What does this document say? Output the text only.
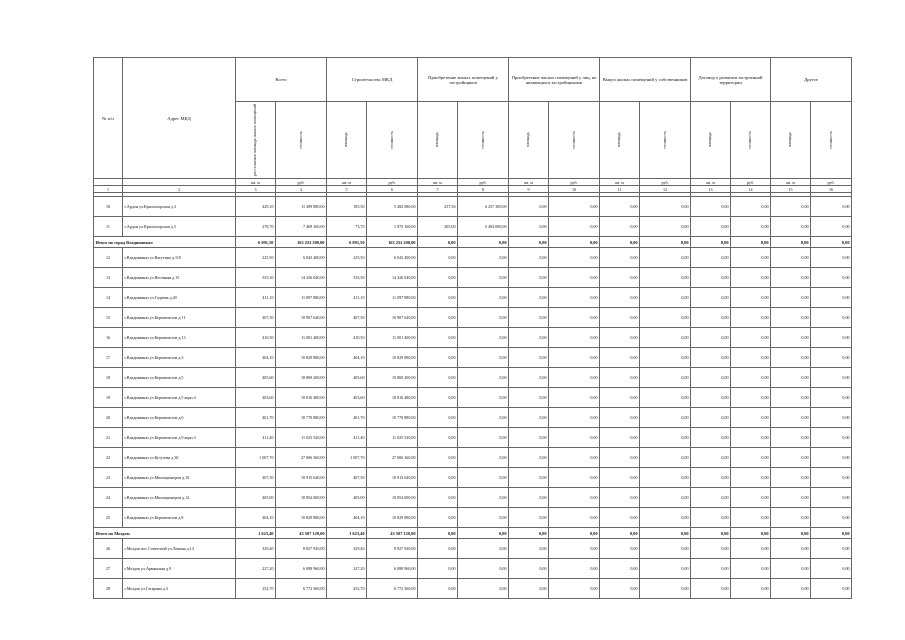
№ п/п	Адрес МКД	Всего		Строительство МКД		Приобретение жилых помещений у застройщиков		Приобретение жилых помещений у лиц, не являющихся застройщиками		Выкуп жилых помещений у собственников		Договор о развитии застроенной территории		Другое	

		расселяемая площадь жилых помещений	стоимость	площадь	стоимость	площадь	стоимость	площадь	стоимость	площадь	стоимость	площадь	стоимость	площадь	стоимость

		кв. м	руб.	кв. м	руб.	кв. м	руб.	кв. м	руб.	кв. м	руб.	кв. м	руб.	кв. м	руб.
1	2	3	4	5	6	7	8	9	10	11	12	13	14	15	16

10	г.Ардон ул.Красногорская д.3	429,10	11 499 880,00	185,50	5 282 080,00	257,56	6 257 300,00	0,00	0,00	0,00	0,00	0,00	0,00	0,00	0,00
11	г.Ардон ул.Красногорская д.5	278,70	7 469 160,00	73,70	1 975 160,00	205,00	5 494 000,00	0,00	0,00	0,00	0,00	0,00	0,00	0,00	0,00
Итого по город Владикавказ:		6 091,50	163 252 200,00	6 091,50	163 252 200,00	0,00	0,00	0,00	0,00	0,00	0,00	0,00	0,00	0,00	0,00
12	г.Владикавказ ул.Ватутина д.110	225,50	6 043 400,00	225,50	6 043 400,00	0,00	0,00	0,00	0,00	0,00	0,00	0,00	0,00	0,00	0,00
13	г.Владикавказ ул.Весенняя д.15	535,30	14 326 040,00	535,30	14 326 040,00	0,00	0,00	0,00	0,00	0,00	0,00	0,00	0,00	0,00	0,00
14	г.Владикавказ ул.Гадиева д.40	411,10	11 097 880,00	411,10	11 097 880,00	0,00	0,00	0,00	0,00	0,00	0,00	0,00	0,00	0,00	0,00
15	г.Владикавказ ул.Керменистов д.11	407,30	10 907 640,00	407,30	10 907 640,00	0,00	0,00	0,00	0,00	0,00	0,00	0,00	0,00	0,00	0,00
16	г.Владикавказ ул.Керменистов д.13	410,50	11 001 400,00	410,50	11 001 400,00	0,00	0,00	0,00	0,00	0,00	0,00	0,00	0,00	0,00	0,00
17	г.Владикавказ ул.Керменистов д.3	404,10	10 829 880,00	404,10	10 829 880,00	0,00	0,00	0,00	0,00	0,00	0,00	0,00	0,00	0,00	0,00
18	г.Владикавказ ул.Керменистов д.5	405,60	10 869 200,00	405,60	10 869 200,00	0,00	0,00	0,00	0,00	0,00	0,00	0,00	0,00	0,00	0,00
19	г.Владикавказ ул.Керменистов д.5 корп.4	403,60	10 816 480,00	403,60	10 816 480,00	0,00	0,00	0,00	0,00	0,00	0,00	0,00	0,00	0,00	0,00
20	г.Владикавказ ул.Керменистов д.6	401,70	10 770 880,00	401,70	10 770 880,00	0,00	0,00	0,00	0,00	0,00	0,00	0,00	0,00	0,00	0,00
21	г.Владикавказ ул.Керменистов д.9 корп.3	411,40	11 025 520,00	411,40	11 025 520,00	0,00	0,00	0,00	0,00	0,00	0,00	0,00	0,00	0,00	0,00
22	г.Владикавказ ул.Кутузова д.30	1 007,70	27 006 360,00	1 007,70	27 006 360,00	0,00	0,00	0,00	0,00	0,00	0,00	0,00	0,00	0,00	0,00
23	г.Владикавказ ул.Милиционеров д.10	407,30	10 915 640,00	407,30	10 915 640,00	0,00	0,00	0,00	0,00	0,00	0,00	0,00	0,00	0,00	0,00
24	г.Владикавказ ул.Милиционеров д.12	405,00	10 854 000,00	405,00	10 854 000,00	0,00	0,00	0,00	0,00	0,00	0,00	0,00	0,00	0,00	0,00
25	г.Владикавказ ул.Керменистов д.8	404,10	10 829 880,00	404,10	10 829 880,00	0,00	0,00	0,00	0,00	0,00	0,00	0,00	0,00	0,00	0,00
Итого по Моздок:		1 623,40	43 507 120,00	1 623,40	43 507 120,00	0,00	0,00	0,00	0,00	0,00	0,00	0,00	0,00	0,00	0,00
26	г.Моздок пос.Советский ул.Ленина д.14	329,40	8 827 920,00	329,40	8 827 920,00	0,00	0,00	0,00	0,00	0,00	0,00	0,00	0,00	0,00	0,00
27	г.Моздок ул.Армянская д.9	227,20	6 088 960,00	227,20	6 088 960,00	0,00	0,00	0,00	0,00	0,00	0,00	0,00	0,00	0,00	0,00
28	г.Моздок ул.Гагарина д.3	252,70	6 772 360,00	252,70	6 772 360,00	0,00	0,00	0,00	0,00	0,00	0,00	0,00	0,00	0,00	0,00
